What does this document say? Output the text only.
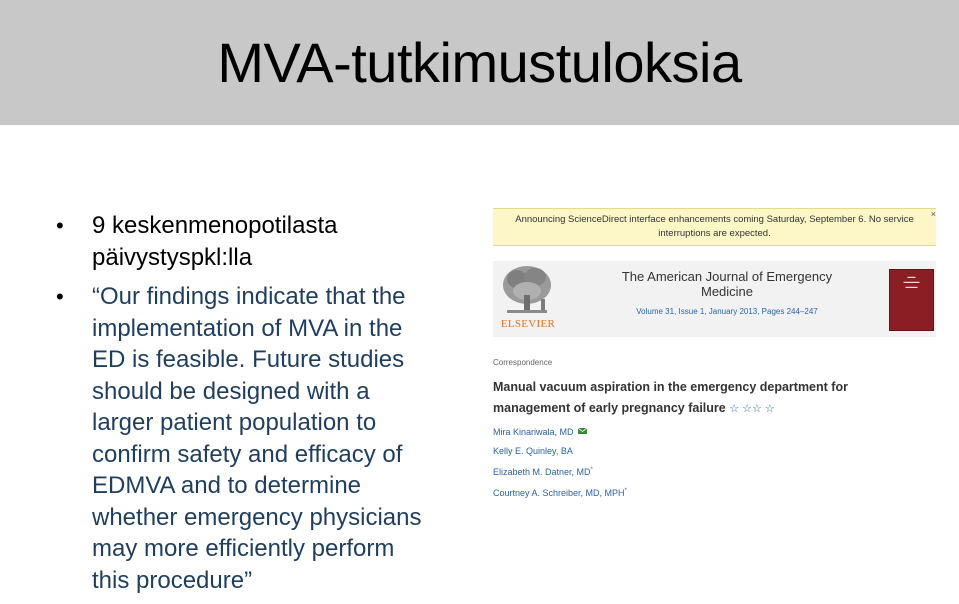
MVA-tutkimustuloksia
• 9 keskenmenopotilasta
päivystyspkl:lla
• “Our findings indicate that the
implementation of MVA in the
ED is feasible. Future studies
should be designed with a
larger patient population to
confirm safety and efficacy of
EDMVA and to determine
whether emergency physicians
may more efficiently perform
this procedure”
Announcing ScienceDirect interface enhancements coming Saturday, September 6. No service
interruptions are expected.
×
ELSEVIER
The American Journal of Emergency
Medicine
Volume 31, Issue 1, January 2013, Pages 244–247
▬▬
▬▬▬▬
▬▬▬
Correspondence
Manual vacuum aspiration in the emergency department for
management of early pregnancy failure ☆ ☆☆ ☆
Mira Kinariwala, MD
Kelly E. Quinley, BA
Elizabeth M. Datner, MD*
Courtney A. Schreiber, MD, MPH*
